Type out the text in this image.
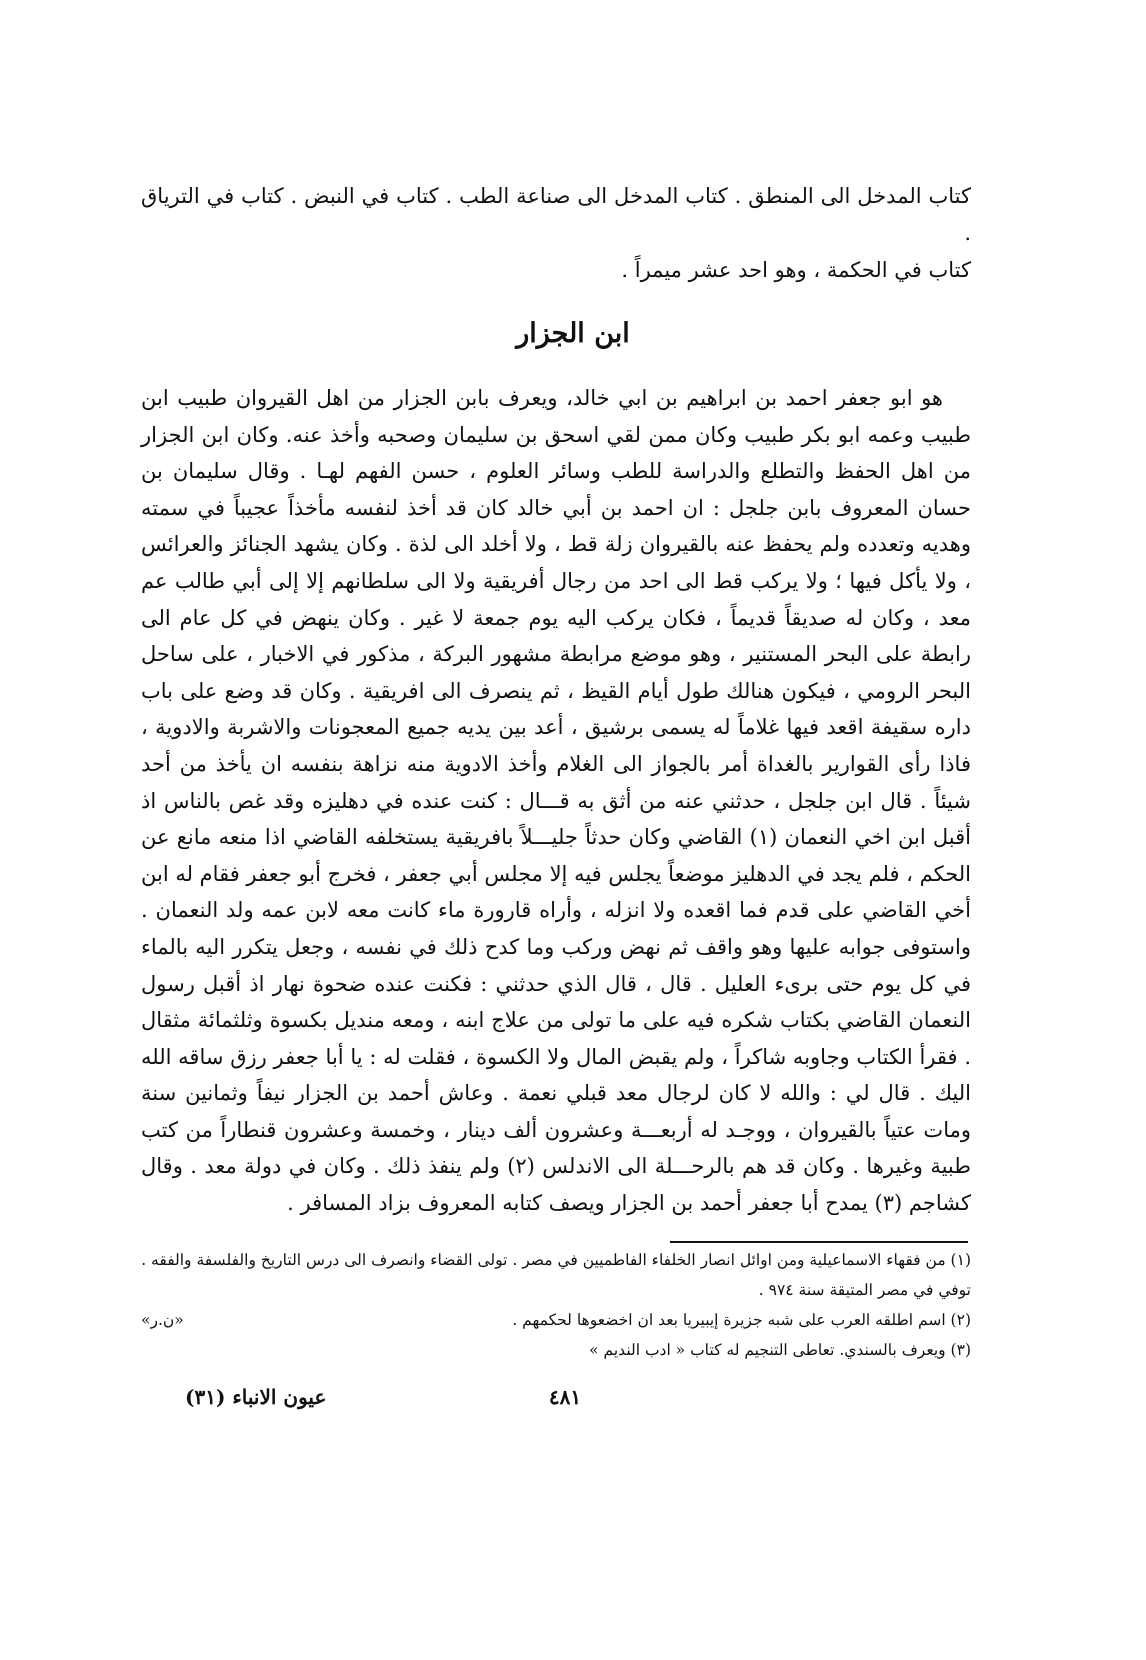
كتاب المدخل الى المنطق . كتاب المدخل الى صناعة الطب . كتاب في النبض . كتاب في الترياق .
كتاب في الحكمة ، وهو احد عشر ميمراً .
ابن الجزار

هو ابو جعفر احمد بن ابراهيم بن ابي خالد، ويعرف بابن الجزار من اهل القيروان طبيب ابن طبيب وعمه ابو بكر طبيب وكان ممن لقي اسحق بن سليمان وصحبه وأخذ عنه. وكان ابن الجزار من اهل الحفظ والتطلع والدراسة للطب وسائر العلوم ، حسن الفهم لهـا . وقال سليمان بن حسان المعروف بابن جلجل : ان احمد بن أبي خالد كان قد أخذ لنفسه مأخذاً عجيباً في سمته وهديه وتعدده ولم يحفظ عنه بالقيروان زلة قط ، ولا أخلد الى لذة . وكان يشهد الجنائز والعرائس ، ولا يأكل فيها ؛ ولا يركب قط الى احد من رجال أفريقية ولا الى سلطانهم إلا إلى أبي طالب عم معد ، وكان له صديقاً قديماً ، فكان يركب اليه يوم جمعة لا غير . وكان ينهض في كل عام الى رابطة على البحر المستنير ، وهو موضع مرابطة مشهور البركة ، مذكور في الاخبار ، على ساحل البحر الرومي ، فيكون هنالك طول أيام القيظ ، ثم ينصرف الى افريقية . وكان قد وضع على باب داره سقيفة اقعد فيها غلاماً له يسمى برشيق ، أعد بين يديه جميع المعجونات والاشربة والادوية ، فاذا رأى القوارير بالغداة أمر بالجواز الى الغلام وأخذ الادوية منه نزاهة بنفسه ان يأخذ من أحد شيئاً . قال ابن جلجل ، حدثني عنه من أثق به قـــال : كنت عنده في دهليزه وقد غص بالناس اذ أقبل ابن اخي النعمان (١) القاضي وكان حدثاً جليـــلاً بافريقية يستخلفه القاضي اذا منعه مانع عن الحكم ، فلم يجد في الدهليز موضعاً يجلس فيه إلا مجلس أبي جعفر ، فخرج أبو جعفر فقام له ابن أخي القاضي على قدم فما اقعده ولا انزله ، وأراه قارورة ماء كانت معه لابن عمه ولد النعمان . واستوفى جوابه عليها وهو واقف ثم نهض وركب وما كدح ذلك في نفسه ، وجعل يتكرر اليه بالماء في كل يوم حتى برىء العليل . قال ، قال الذي حدثني : فكنت عنده ضحوة نهار اذ أقبل رسول النعمان القاضي بكتاب شكره فيه على ما تولى من علاج ابنه ، ومعه منديل بكسوة وثلثمائة مثقال . فقرأ الكتاب وجاوبه شاكراً ، ولم يقبض المال ولا الكسوة ، فقلت له : يا أبا جعفر رزق ساقه الله اليك . قال لي : والله لا كان لرجال معد قبلي نعمة . وعاش أحمد بن الجزار نيفاً وثمانين سنة ومات عتياً بالقيروان ، ووجـد له أربعـــة وعشرون ألف دينار ، وخمسة وعشرون قنطاراً من كتب طبية وغيرها . وكان قد هم بالرحـــلة الى الاندلس (٢) ولم ينفذ ذلك . وكان في دولة معد . وقال كشاجم (٣) يمدح أبا جعفر أحمد بن الجزار ويصف كتابه المعروف بزاد المسافر .

(١) من فقهاء الاسماعيلية ومن اوائل انصار الخلفاء الفاطميين في مصر . تولى القضاء وانصرف الى درس التاريخ والفلسفة والفقه . توفي في مصر المتيقة سنة ٩٧٤ .

(٢) اسم اطلقه العرب على شبه جزيرة إيبيريا بعد ان اخضعوها لحكمهم .
«ن.ر»

(٣) ويعرف بالسندي. تعاطى التنجيم له كتاب « ادب النديم »

عيون الانباء (٣١)	٤٨١
